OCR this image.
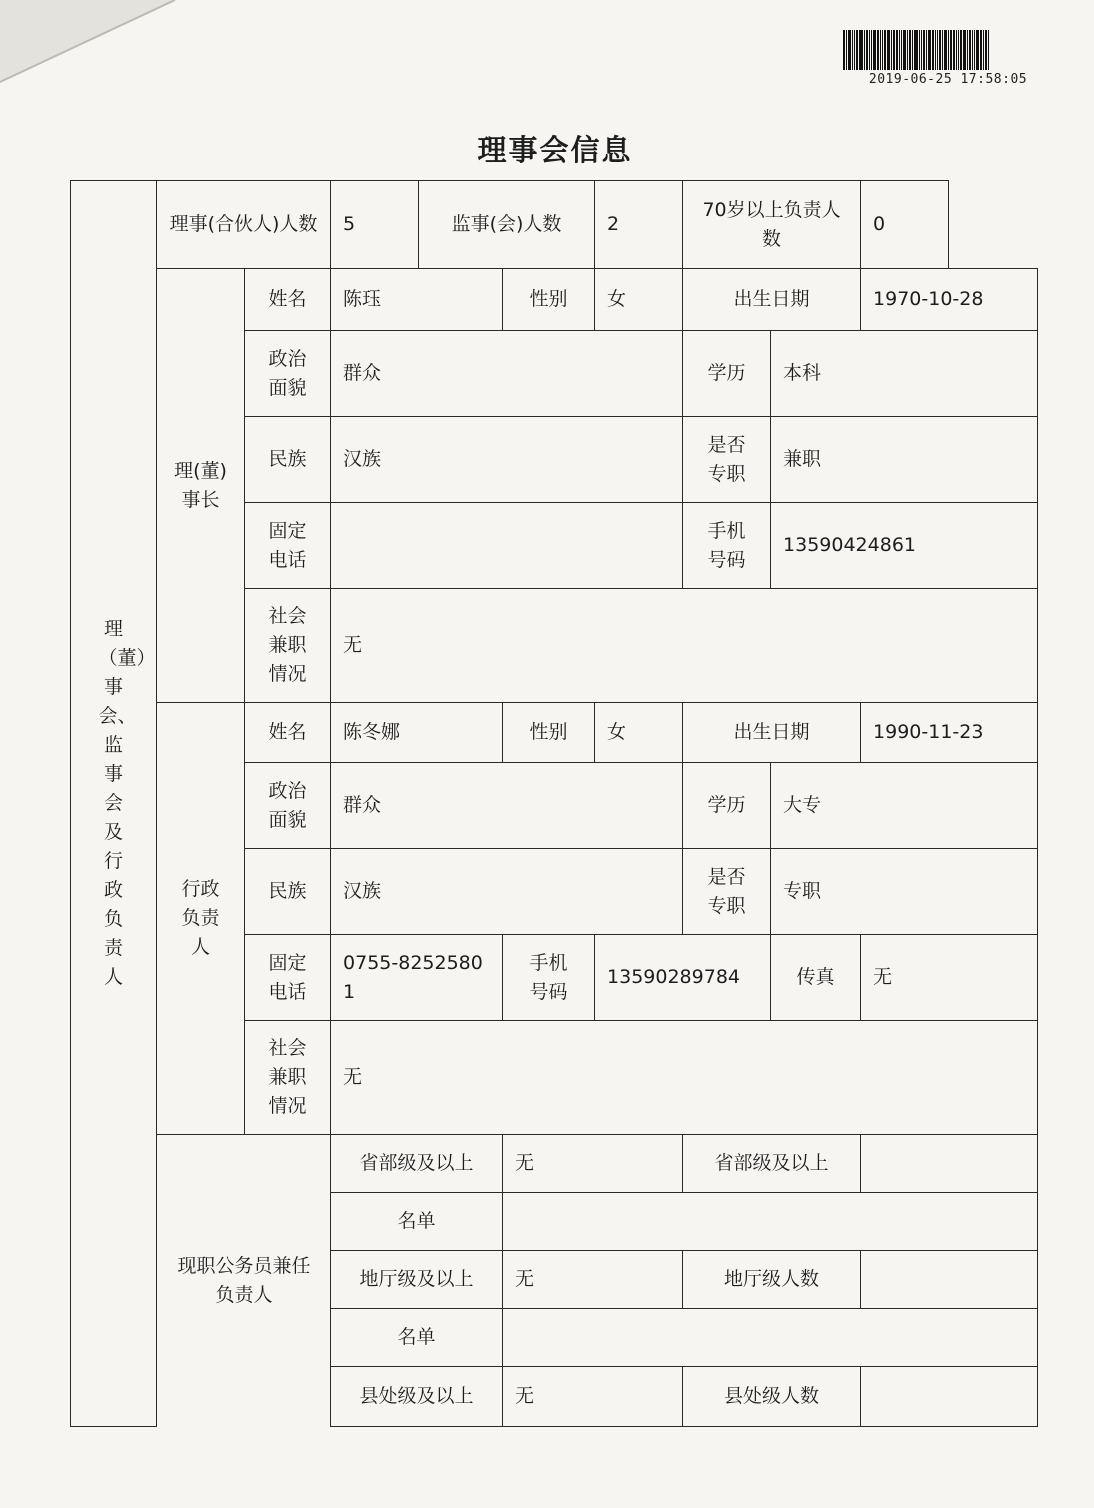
2019-06-25 17:58:05
理事会信息
理（董）事会、监事会及行政负责人	理事(合伙人)人数		5	监事(会)人数		2	70岁以上负责人数		0

	理(董)事长	姓名	陈珏		性别	女	出生日期		1970-10-28

		政治面貌	群众				学历	本科	
		民族	汉族				是否专职	兼职	

		固定电话					手机号码	13590424861	

		社会兼职情况	无						

	行政负责人	姓名	陈冬娜		性别	女	出生日期		1990-11-23

		政治面貌	群众				学历	大专	
		民族	汉族				是否专职	专职	

		固定电话	0755-82525801		手机号码	13590289784		传真	无

		社会兼职情况	无						

	现职公务员兼任负责人		省部级及以上		无		省部级及以上		
			名单						
			地厅级及以上		无		地厅级人数		
			名单						
			县处级及以上		无		县处级人数		
